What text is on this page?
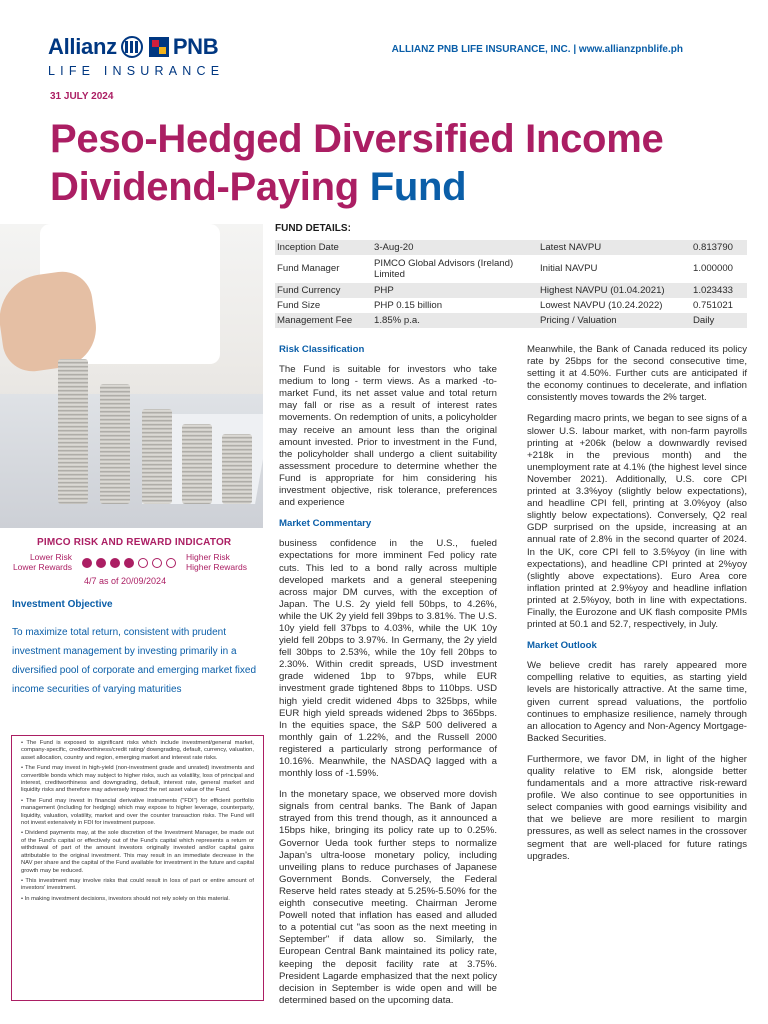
Allianz	PNB
LIFE INSURANCE
ALLIANZ PNB LIFE INSURANCE, INC. | www.allianzpnblife.ph
31 JULY 2024
Peso-Hedged Diversified Income Dividend-Paying Fund
PIMCO RISK AND REWARD INDICATOR
Lower Risk
Lower Rewards
Higher Risk
Higher Rewards
4/7 as of 20/09/2024
Investment Objective
To maximize total return, consistent with prudent investment management by investing primarily in a diversified pool of corporate and emerging market fixed income securities of varying maturities

• The Fund is exposed to significant risks which include investment/general market, company-specific, creditworthiness/credit rating/ downgrading, default, currency, valuation, asset allocation, country and region, emerging market and interest rate risks.

• The Fund may invest in high-yield (non-investment grade and unrated) investments and convertible bonds which may subject to higher risks, such as volatility, loss of principal and interest, creditworthiness and downgrading, default, interest rate, general market and liquidity risks and therefore may adversely impact the net asset value of the Fund.

• The Fund may invest in financial derivative instruments ("FDI") for efficient portfolio management (including for hedging) which may expose to higher leverage, counterparty, liquidity, valuation, volatility, market and over the counter transaction risks. The Fund will not invest extensively in FDI for investment purpose.

• Dividend payments may, at the sole discretion of the Investment Manager, be made out of the Fund's capital or effectively out of the Fund's capital which represents a return or withdrawal of part of the amount investors originally invested and/or capital gains attributable to the original investment. This may result in an immediate decrease in the NAV per share and the capital of the Fund available for investment in the future and capital growth may be reduced.

• This investment may involve risks that could result in loss of part or entire amount of investors' investment.

• In making investment decisions, investors should not rely solely on this material.

FUND DETAILS:
Inception Date	3-Aug-20	Latest NAVPU	0.813790
Fund Manager	PIMCO Global Advisors (Ireland) Limited	Initial NAVPU	1.000000
Fund Currency	PHP	Highest NAVPU (01.04.2021)	1.023433
Fund Size	PHP 0.15 billion	Lowest NAVPU (10.24.2022)	0.751021
Management Fee	1.85% p.a.	Pricing / Valuation	Daily
Risk Classification

The Fund is suitable for investors who take medium to long - term views. As a marked -to-market Fund, its net asset value and total return may fall or rise as a result of interest rates movements. On redemption of units, a policyholder may receive an amount less than the original amount invested. Prior to investment in the Fund, the policyholder shall undergo a client suitability assessment procedure to determine whether the Fund is appropriate for him considering his investment objective, risk tolerance, preferences and experience

Market Commentary

business confidence in the U.S., fueled expectations for more imminent Fed policy rate cuts. This led to a bond rally across multiple developed markets and a general steepening across major DM curves, with the exception of Japan. The U.S. 2y yield fell 50bps, to 4.26%, while the UK 2y yield fell 39bps to 3.81%. The U.S. 10y yield fell 37bps to 4.03%, while the UK 10y yield fell 20bps to 3.97%. In Germany, the 2y yield fell 30bps to 2.53%, while the 10y fell 20bps to 2.30%. Within credit spreads, USD investment grade widened 1bp to 97bps, while EUR investment grade tightened 8bps to 110bps. USD high yield credit widened 4bps to 325bps, while EUR high yield spreads widened 2bps to 365bps. In the equities space, the S&P 500 delivered a monthly gain of 1.22%, and the Russell 2000 registered a particularly strong performance of 10.16%. Meanwhile, the NASDAQ lagged with a monthly loss of -1.59%.

In the monetary space, we observed more dovish signals from central banks. The Bank of Japan strayed from this trend though, as it announced a 15bps hike, bringing its policy rate up to 0.25%. Governor Ueda took further steps to normalize Japan's ultra-loose monetary policy, including unveiling plans to reduce purchases of Japanese Government Bonds. Conversely, the Federal Reserve held rates steady at 5.25%-5.50% for the eighth consecutive meeting. Chairman Jerome Powell noted that inflation has eased and alluded to a potential cut "as soon as the next meeting in September" if data allow so. Similarly, the European Central Bank maintained its policy rate, keeping the deposit facility rate at 3.75%. President Lagarde emphasized that the next policy decision in September is wide open and will be determined based on the upcoming data.

Meanwhile, the Bank of Canada reduced its policy rate by 25bps for the second consecutive time, setting it at 4.50%. Further cuts are anticipated if the economy continues to decelerate, and inflation consistently moves towards the 2% target.

Regarding macro prints, we began to see signs of a slower U.S. labour market, with non-farm payrolls printing at +206k (below a downwardly revised +218k in the previous month) and the unemployment rate at 4.1% (the highest level since November 2021). Additionally, U.S. core CPI printed at 3.3%yoy (slightly below expectations), and headline CPI fell, printing at 3.0%yoy (also slightly below expectations). Conversely, Q2 real GDP surprised on the upside, increasing at an annual rate of 2.8% in the second quarter of 2024. In the UK, core CPI fell to 3.5%yoy (in line with expectations), and headline CPI printed at 2%yoy (slightly above expectations). Euro Area core inflation printed at 2.9%yoy and headline inflation printed at 2.5%yoy, both in line with expectations. Finally, the Eurozone and UK flash composite PMIs printed at 50.1 and 52.7, respectively, in July.

Market Outlook

We believe credit has rarely appeared more compelling relative to equities, as starting yield levels are historically attractive. At the same time, given current spread valuations, the portfolio continues to emphasize resilience, namely through an allocation to Agency and Non-Agency Mortgage-Backed Securities.

Furthermore, we favor DM, in light of the higher quality relative to EM risk, alongside better fundamentals and a more attractive risk-reward profile. We also continue to see opportunities in select companies with good earnings visibility and that we believe are more resilient to margin pressures, as well as select names in the crossover segment that are well-placed for future ratings upgrades.
